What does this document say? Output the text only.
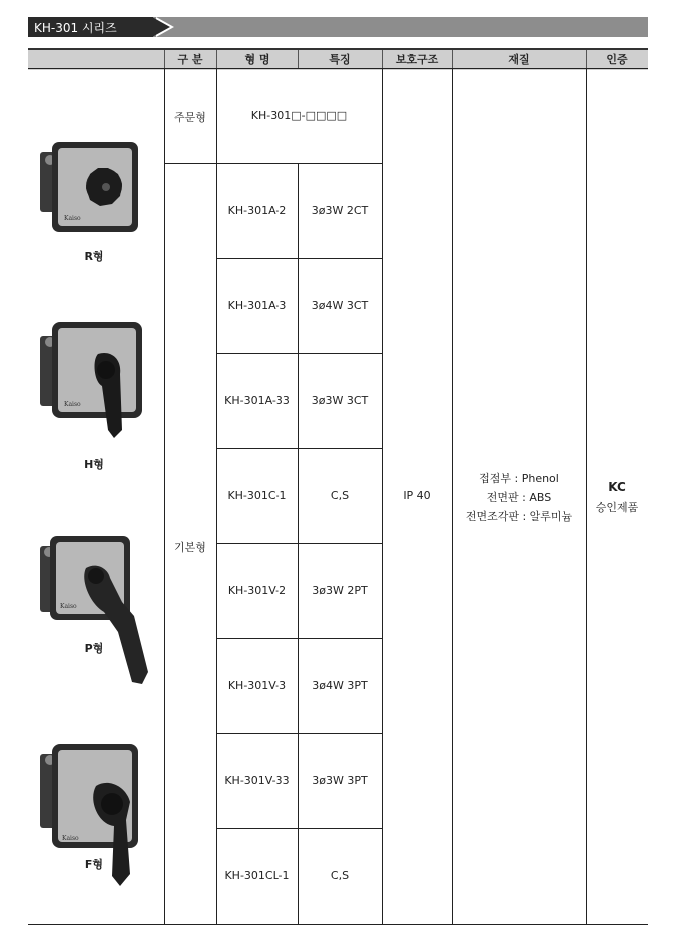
KH-301 시리즈
구 분	형 명	특징	보호구조	재질	인증
주문형	KH-301□-□□□□
기본형
KH-301A-2	3ø3W 2CT
KH-301A-3	3ø4W 3CT
KH-301A-33	3ø3W 3CT
KH-301C-1	C,S
KH-301V-2	3ø3W 2PT
KH-301V-3	3ø4W 3PT
KH-301V-33	3ø3W 3PT
KH-301CL-1	C,S
IP 40
접점부 : Phenol
전면판 : ABS
전면조각판 : 알루미늄
KC
승인제품
Kaiso
R형
Kaiso
H형
Kaiso
P형
Kaiso
F형
